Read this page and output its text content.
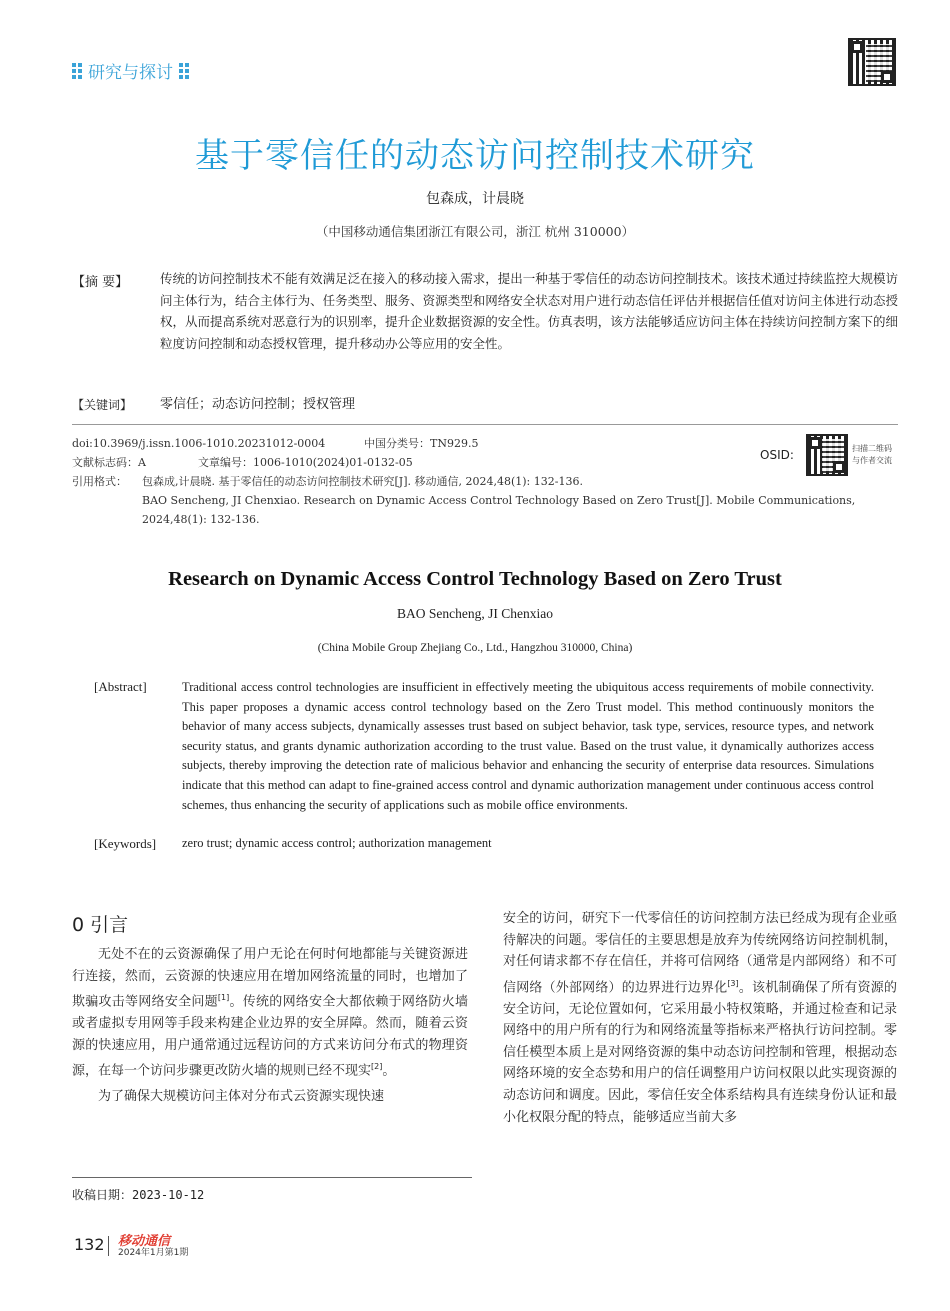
研究与探讨
基于零信任的动态访问控制技术研究
包森成，计晨晓
（中国移动通信集团浙江有限公司，浙江 杭州 310000）
【摘 要】	传统的访问控制技术不能有效满足泛在接入的移动接入需求，提出一种基于零信任的动态访问控制技术。该技术通过持续监控大规模访问主体行为，结合主体行为、任务类型、服务、资源类型和网络安全状态对用户进行动态信任评估并根据信任值对访问主体进行动态授权，从而提高系统对恶意行为的识别率，提升企业数据资源的安全性。仿真表明，该方法能够适应访问主体在持续访问控制方案下的细粒度访问控制和动态授权管理，提升移动办公等应用的安全性。
【关键词】 零信任；动态访问控制；授权管理
doi:10.3969/j.issn.1006-1010.20231012-0004	中国分类号：TN929.5
文献标志码：A	文章编号：1006-1010(2024)01-0132-05
引用格式： 包森成,计晨晓. 基于零信任的动态访问控制技术研究[J]. 移动通信, 2024,48(1): 132-136.
BAO Sencheng, JI Chenxiao. Research on Dynamic Access Control Technology Based on Zero Trust[J]. Mobile Communications,
2024,48(1): 132-136.
OSID:	扫描二维码
与作者交流
Research on Dynamic Access Control Technology Based on Zero Trust
BAO Sencheng, JI Chenxiao
(China Mobile Group Zhejiang Co., Ltd., Hangzhou 310000, China)
[Abstract]	Traditional access control technologies are insufficient in effectively meeting the ubiquitous access requirements of mobile connectivity. This paper proposes a dynamic access control technology based on the Zero Trust model. This method continuously monitors the behavior of many access subjects, dynamically assesses trust based on subject behavior, task type, services, resource types, and network security status, and grants dynamic authorization according to the trust value. Based on the trust value, it dynamically authorizes access subjects, thereby improving the detection rate of malicious behavior and enhancing the security of enterprise data resources. Simulations indicate that this method can adapt to fine-grained access control and dynamic authorization management under continuous access control schemes, thus enhancing the security of applications such as mobile office environments.
[Keywords] zero trust; dynamic access control; authorization management
0 引言

无处不在的云资源确保了用户无论在何时何地都能与关键资源进行连接，然而，云资源的快速应用在增加网络流量的同时，也增加了欺骗攻击等网络安全问题[1]。传统的网络安全大都依赖于网络防火墙或者虚拟专用网等手段来构建企业边界的安全屏障。然而，随着云资源的快速应用，用户通常通过远程访问的方式来访问分布式的物理资源，在每一个访问步骤更改防火墙的规则已经不现实[2]。

为了确保大规模访问主体对分布式云资源实现快速

安全的访问，研究下一代零信任的访问控制方法已经成为现有企业亟待解决的问题。零信任的主要思想是放弃为传统网络访问控制机制，对任何请求都不存在信任，并将可信网络（通常是内部网络）和不可信网络（外部网络）的边界进行边界化[3]。该机制确保了所有资源的安全访问，无论位置如何，它采用最小特权策略，并通过检查和记录网络中的用户所有的行为和网络流量等指标来严格执行访问控制。零信任模型本质上是对网络资源的集中动态访问控制和管理，根据动态网络环境的安全态势和用户的信任调整用户访问权限以此实现资源的动态访问和调度。因此，零信任安全体系结构具有连续身份认证和最小化权限分配的特点，能够适应当前大多

收稿日期：2023-10-12
132 移动通信
2024年1月第1期
